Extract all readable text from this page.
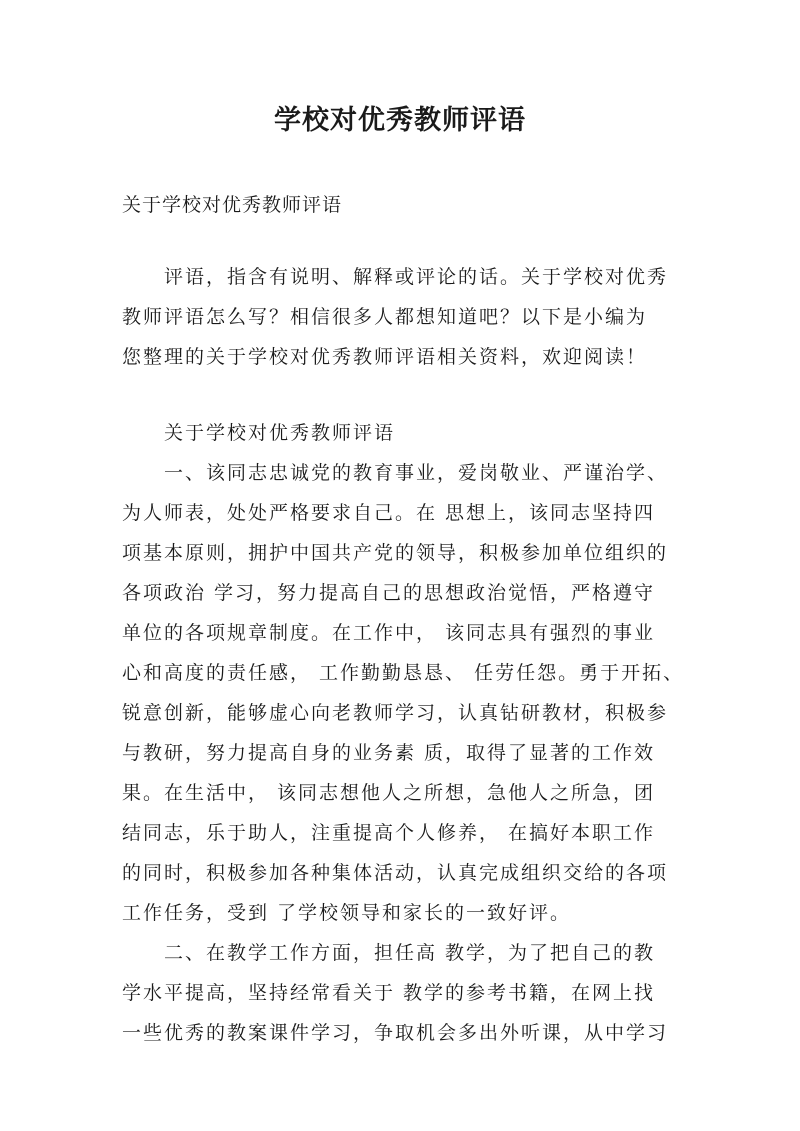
学校对优秀教师评语
关于学校对优秀教师评语
评语，指含有说明、解释或评论的话。关于学校对优秀
教师评语怎么写？相信很多人都想知道吧？以下是小编为
您整理的关于学校对优秀教师评语相关资料，欢迎阅读！
关于学校对优秀教师评语
一、该同志忠诚党的教育事业，爱岗敬业、严谨治学、
为人师表，处处严格要求自己。在 思想上，该同志坚持四
项基本原则，拥护中国共产党的领导，积极参加单位组织的
各项政治 学习，努力提高自己的思想政治觉悟，严格遵守
单位的各项规章制度。在工作中， 该同志具有强烈的事业
心和高度的责任感， 工作勤勤恳恳、 任劳任怨。勇于开拓、
锐意创新，能够虚心向老教师学习，认真钻研教材，积极参
与教研，努力提高自身的业务素 质，取得了显著的工作效
果。在生活中， 该同志想他人之所想，急他人之所急，团
结同志，乐于助人，注重提高个人修养， 在搞好本职工作
的同时，积极参加各种集体活动，认真完成组织交给的各项
工作任务，受到 了学校领导和家长的一致好评。
二、在教学工作方面，担任高 教学，为了把自己的教
学水平提高，坚持经常看关于 教学的参考书籍，在网上找
一些优秀的教案课件学习，争取机会多出外听课，从中学习
